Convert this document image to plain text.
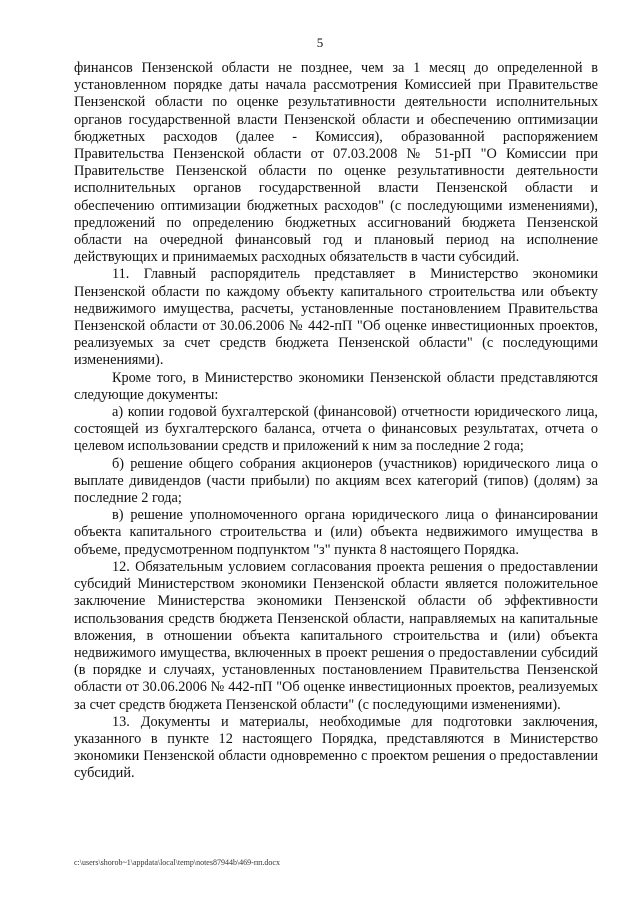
5

финансов Пензенской области не позднее, чем за 1 месяц до определенной в установленном порядке даты начала рассмотрения Комиссией при Правительстве Пензенской области по оценке результативности деятельности исполнительных органов государственной власти Пензенской области и обеспечению оптимизации бюджетных расходов (далее - Комиссия), образованной распоряжением Правительства Пензенской области от 07.03.2008 № 51-рП "О Комиссии при Правительстве Пензенской области по оценке результативности деятельности исполнительных органов государственной власти Пензенской области и обеспечению оптимизации бюджетных расходов" (с последующими изменениями), предложений по определению бюджетных ассигнований бюджета Пензенской области на очередной финансовый год и плановый период на исполнение действующих и принимаемых расходных обязательств в части субсидий.

11. Главный распорядитель представляет в Министерство экономики Пензенской области по каждому объекту капитального строительства или объекту недвижимого имущества, расчеты, установленные постановлением Правительства Пензенской области от 30.06.2006 № 442-пП "Об оценке инвестиционных проектов, реализуемых за счет средств бюджета Пензенской области" (с последующими изменениями).

Кроме того, в Министерство экономики Пензенской области представляются следующие документы:

а) копии годовой бухгалтерской (финансовой) отчетности юридического лица, состоящей из бухгалтерского баланса, отчета о финансовых результатах, отчета о целевом использовании средств и приложений к ним за последние 2 года;

б) решение общего собрания акционеров (участников) юридического лица о выплате дивидендов (части прибыли) по акциям всех категорий (типов) (долям) за последние 2 года;

в) решение уполномоченного органа юридического лица о финансировании объекта капитального строительства и (или) объекта недвижимого имущества в объеме, предусмотренном подпунктом "з" пункта 8 настоящего Порядка.

12. Обязательным условием согласования проекта решения о предоставлении субсидий Министерством экономики Пензенской области является положительное заключение Министерства экономики Пензенской области об эффективности использования средств бюджета Пензенской области, направляемых на капитальные вложения, в отношении объекта капитального строительства и (или) объекта недвижимого имущества, включенных в проект решения о предоставлении субсидий (в порядке и случаях, установленных постановлением Правительства Пензенской области от 30.06.2006 № 442-пП "Об оценке инвестиционных проектов, реализуемых за счет средств бюджета Пензенской области" (с последующими изменениями).

13. Документы и материалы, необходимые для подготовки заключения, указанного в пункте 12 настоящего Порядка, представляются в Министерство экономики Пензенской области одновременно с проектом решения о предоставлении субсидий.

c:\users\shorob~1\appdata\local\temp\notes87944b\469-пп.docx
